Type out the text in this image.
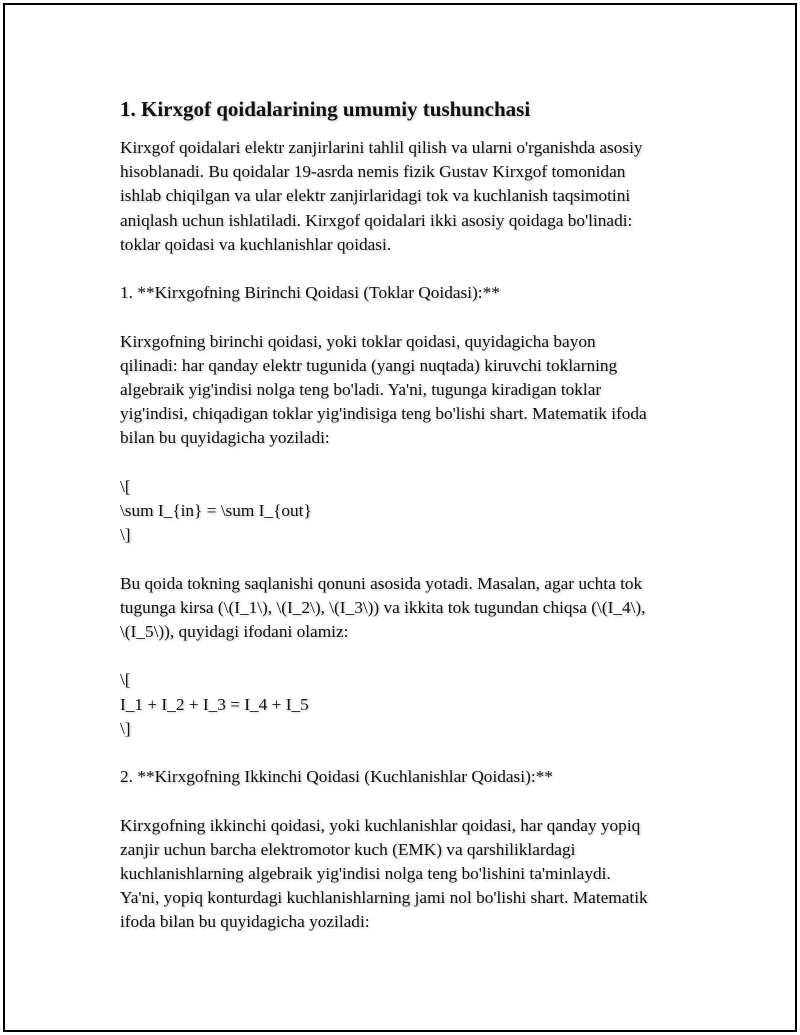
1. Kirxgof qoidalarining umumiy tushunchasi
Kirxgof qoidalari elektr zanjirlarini tahlil qilish va ularni o'rganishda asosiy
hisoblanadi. Bu qoidalar 19-asrda nemis fizik Gustav Kirxgof tomonidan
ishlab chiqilgan va ular elektr zanjirlaridagi tok va kuchlanish taqsimotini
aniqlash uchun ishlatiladi. Kirxgof qoidalari ikki asosiy qoidaga bo'linadi:
toklar qoidasi va kuchlanishlar qoidasi.
1. **Kirxgofning Birinchi Qoidasi (Toklar Qoidasi):**
Kirxgofning birinchi qoidasi, yoki toklar qoidasi, quyidagicha bayon
qilinadi: har qanday elektr tugunida (yangi nuqtada) kiruvchi toklarning
algebraik yig'indisi nolga teng bo'ladi. Ya'ni, tugunga kiradigan toklar
yig'indisi, chiqadigan toklar yig'indisiga teng bo'lishi shart. Matematik ifoda
bilan bu quyidagicha yoziladi:
\[
\sum I_{in} = \sum I_{out}
\]
Bu qoida tokning saqlanishi qonuni asosida yotadi. Masalan, agar uchta tok
tugunga kirsa (\(I_1\), \(I_2\), \(I_3\)) va ikkita tok tugundan chiqsa (\(I_4\),
\(I_5\)), quyidagi ifodani olamiz:
\[
I_1 + I_2 + I_3 = I_4 + I_5
\]
2. **Kirxgofning Ikkinchi Qoidasi (Kuchlanishlar Qoidasi):**
Kirxgofning ikkinchi qoidasi, yoki kuchlanishlar qoidasi, har qanday yopiq
zanjir uchun barcha elektromotor kuch (EMK) va qarshiliklardagi
kuchlanishlarning algebraik yig'indisi nolga teng bo'lishini ta'minlaydi.
Ya'ni, yopiq konturdagi kuchlanishlarning jami nol bo'lishi shart. Matematik
ifoda bilan bu quyidagicha yoziladi:
